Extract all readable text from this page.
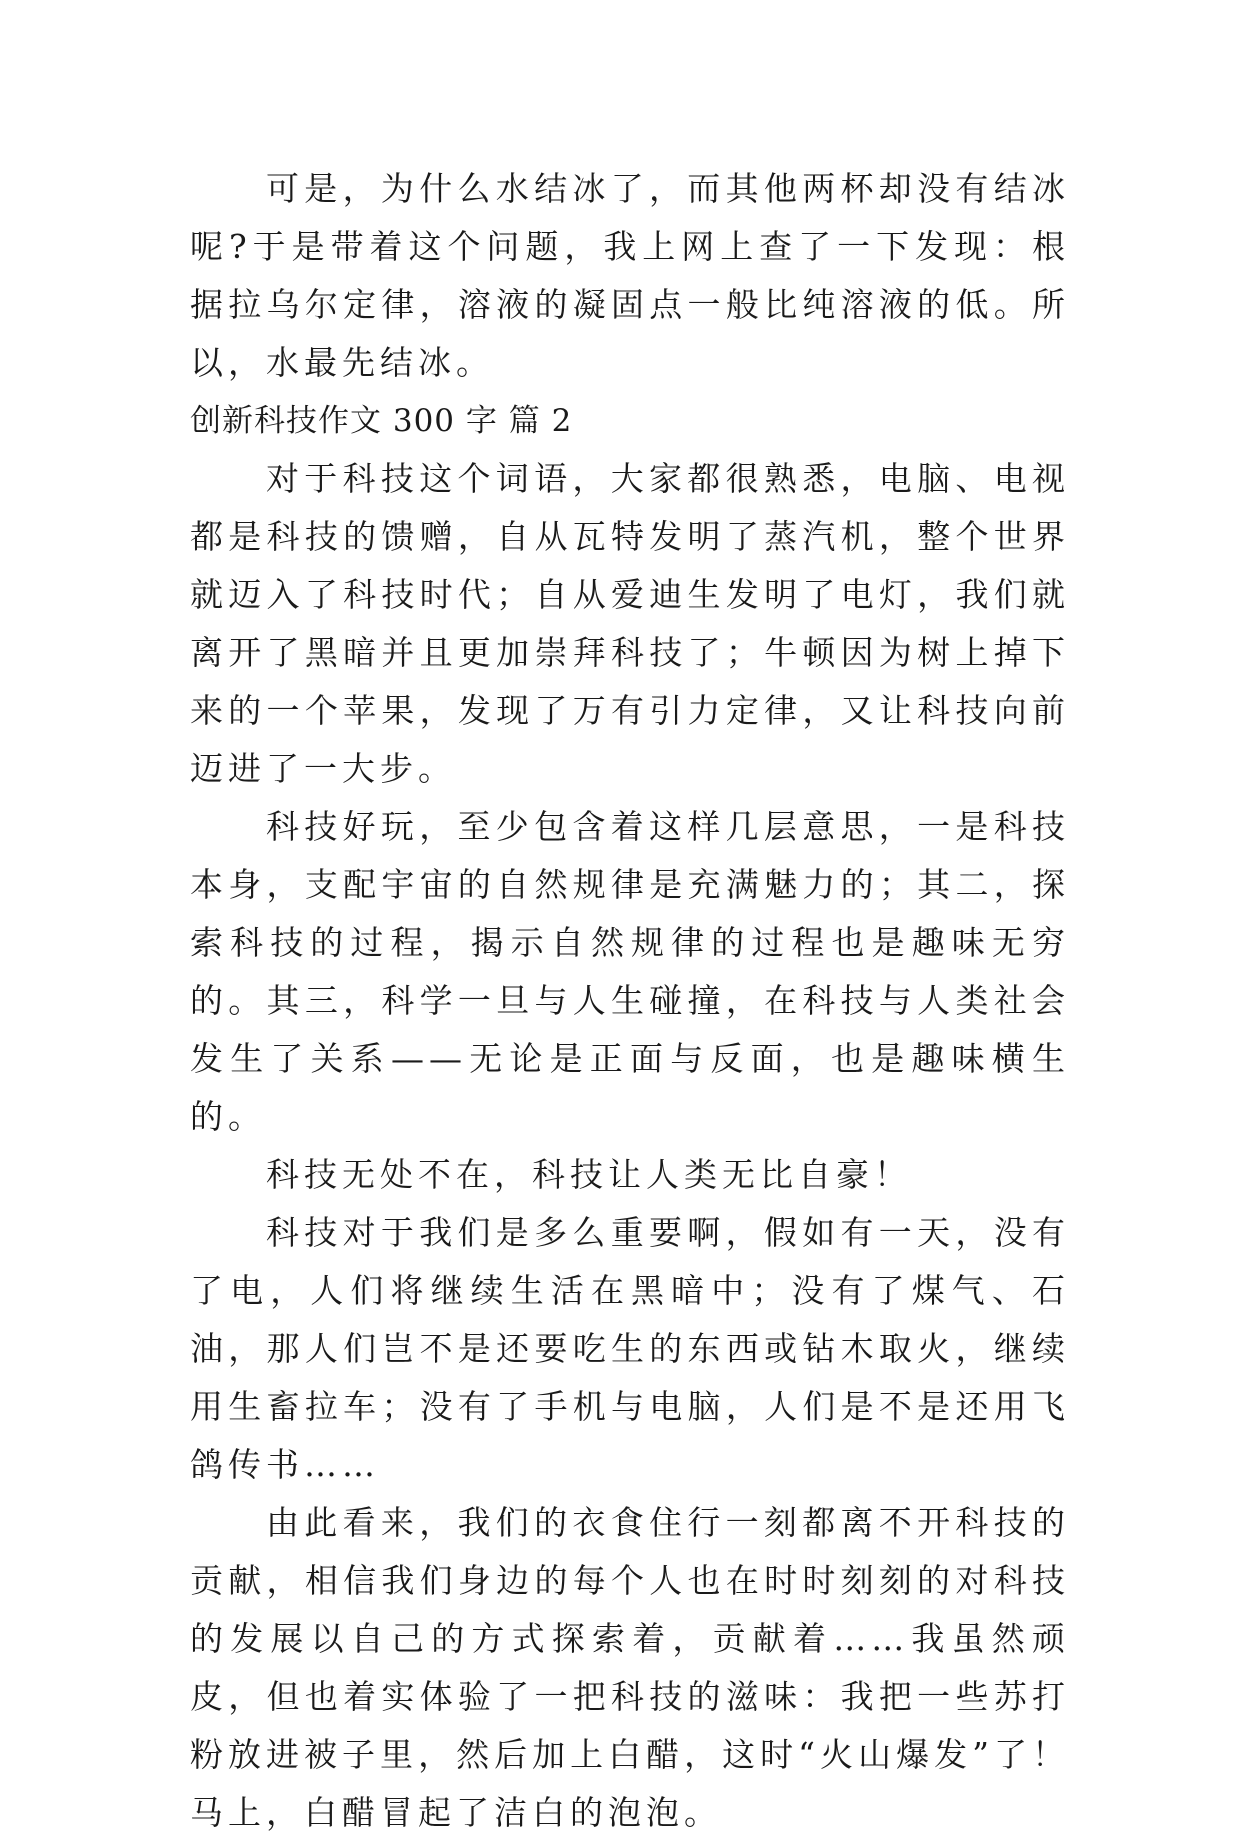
可是，为什么水结冰了，而其他两杯却没有结冰呢?于是带着这个问题，我上网上查了一下发现：根据拉乌尔定律，溶液的凝固点一般比纯溶液的低。所以，水最先结冰。

创新科技作文 300 字 篇 2

对于科技这个词语，大家都很熟悉，电脑、电视都是科技的馈赠，自从瓦特发明了蒸汽机，整个世界就迈入了科技时代；自从爱迪生发明了电灯，我们就离开了黑暗并且更加崇拜科技了；牛顿因为树上掉下来的一个苹果，发现了万有引力定律，又让科技向前迈进了一大步。

科技好玩，至少包含着这样几层意思，一是科技本身，支配宇宙的自然规律是充满魅力的；其二，探索科技的过程，揭示自然规律的过程也是趣味无穷的。其三，科学一旦与人生碰撞，在科技与人类社会发生了关系——无论是正面与反面，也是趣味横生的。

科技无处不在，科技让人类无比自豪！

科技对于我们是多么重要啊，假如有一天，没有了电，人们将继续生活在黑暗中；没有了煤气、石油，那人们岂不是还要吃生的东西或钻木取火，继续用生畜拉车；没有了手机与电脑，人们是不是还用飞鸽传书……

由此看来，我们的衣食住行一刻都离不开科技的贡献，相信我们身边的每个人也在时时刻刻的对科技的发展以自己的方式探索着，贡献着……我虽然顽皮，但也着实体验了一把科技的滋味：我把一些苏打粉放进被子里，然后加上白醋，这时“火山爆发”了！马上，白醋冒起了洁白的泡泡。
